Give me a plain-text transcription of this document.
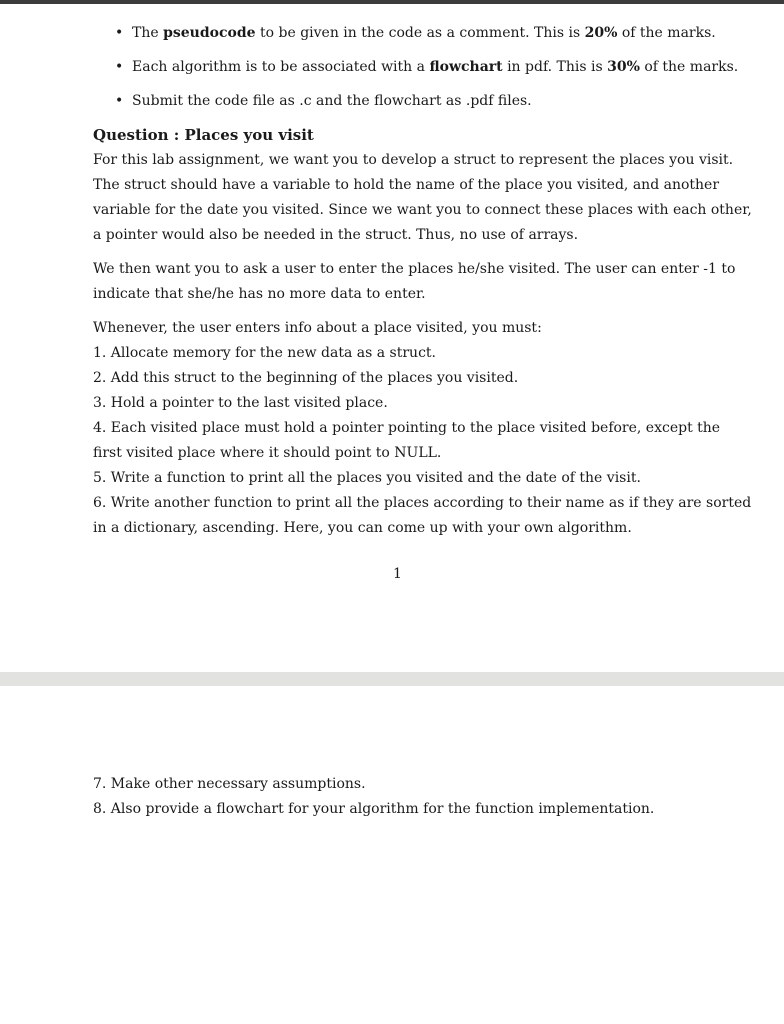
• The pseudocode to be given in the code as a comment. This is 20% of the marks.
• Each algorithm is to be associated with a flowchart in pdf. This is 30% of the marks.
• Submit the code file as .c and the flowchart as .pdf files.
Question : Places you visit
For this lab assignment, we want you to develop a struct to represent the places you visit.
The struct should have a variable to hold the name of the place you visited, and another
variable for the date you visited. Since we want you to connect these places with each other,
a pointer would also be needed in the struct. Thus, no use of arrays.
We then want you to ask a user to enter the places he/she visited. The user can enter -1 to
indicate that she/he has no more data to enter.
Whenever, the user enters info about a place visited, you must:
1. Allocate memory for the new data as a struct.
2. Add this struct to the beginning of the places you visited.
3. Hold a pointer to the last visited place.
4. Each visited place must hold a pointer pointing to the place visited before, except the
first visited place where it should point to NULL.
5. Write a function to print all the places you visited and the date of the visit.
6. Write another function to print all the places according to their name as if they are sorted
in a dictionary, ascending. Here, you can come up with your own algorithm.
1
7. Make other necessary assumptions.
8. Also provide a flowchart for your algorithm for the function implementation.
